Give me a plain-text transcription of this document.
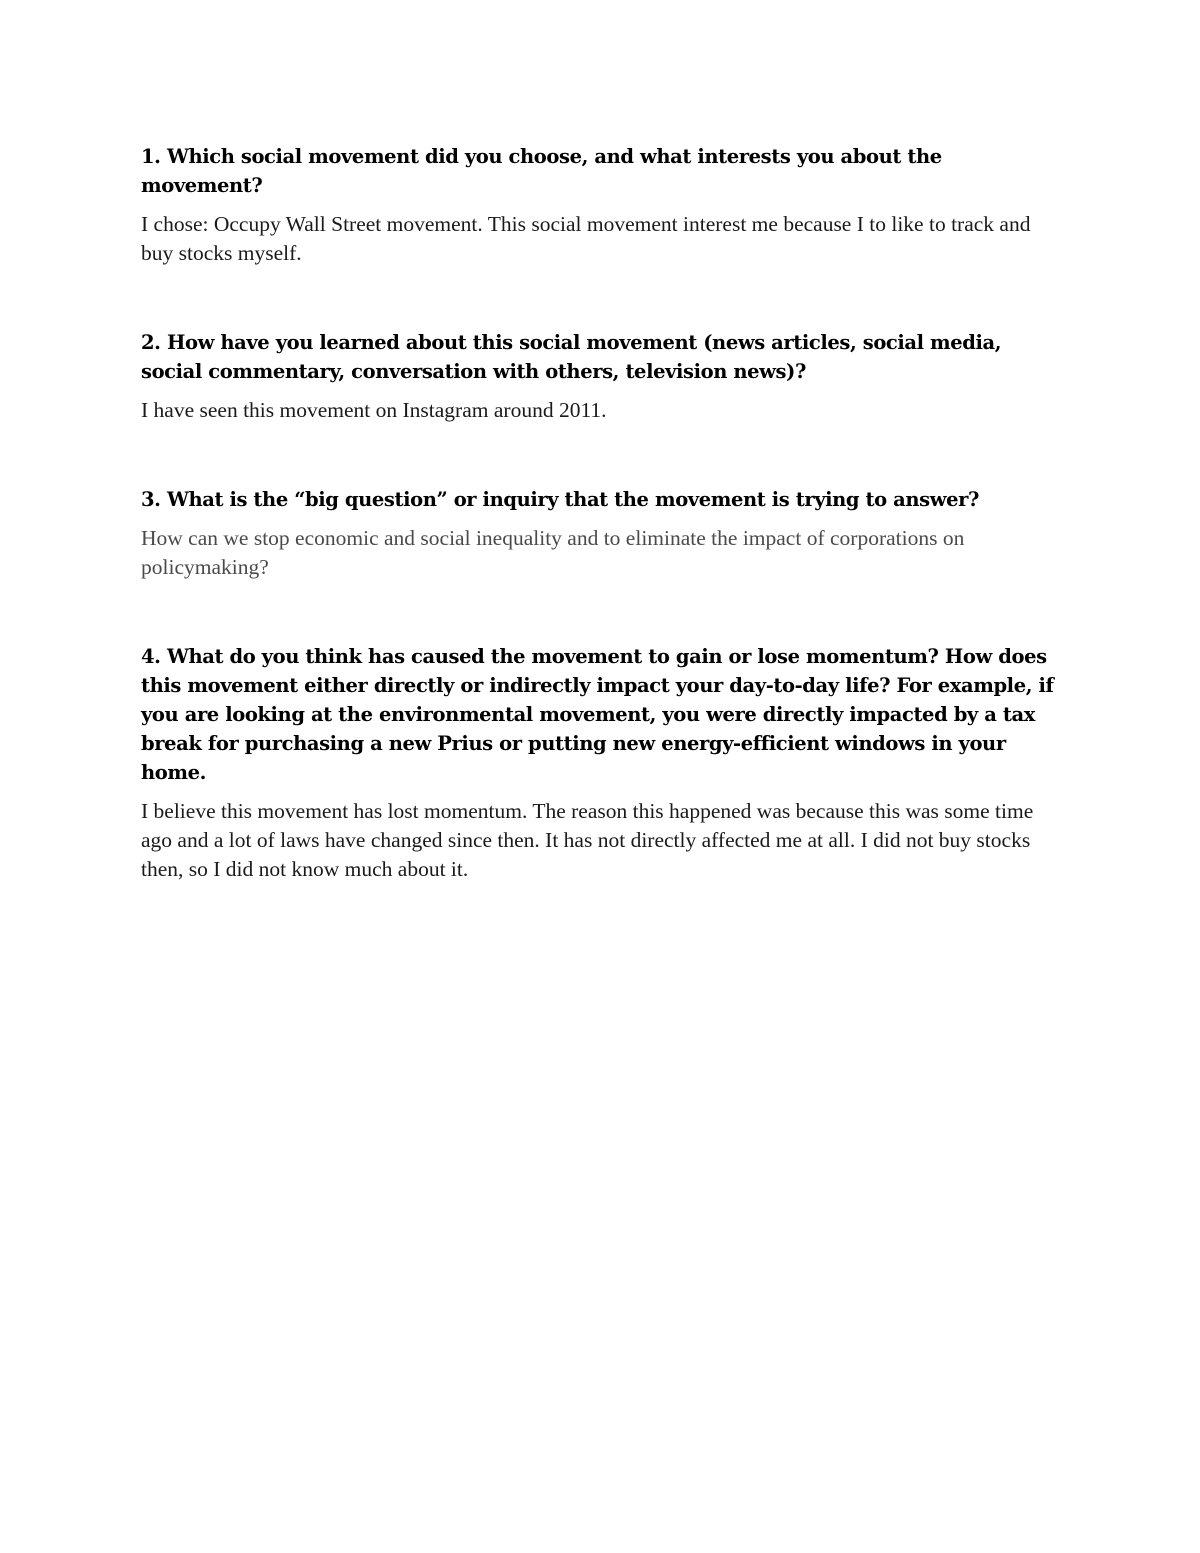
1. Which social movement did you choose, and what interests you about the movement?

I chose: Occupy Wall Street movement. This social movement interest me because I to like to track and buy stocks myself.

2. How have you learned about this social movement (news articles, social media, social commentary, conversation with others, television news)?

I have seen this movement on Instagram around 2011.

3. What is the “big question” or inquiry that the movement is trying to answer?

How can we stop economic and social inequality and to eliminate the impact of corporations on policymaking?

4. What do you think has caused the movement to gain or lose momentum? How does this movement either directly or indirectly impact your day-to-day life? For example, if you are looking at the environmental movement, you were directly impacted by a tax break for purchasing a new Prius or putting new energy-efficient windows in your home.

I believe this movement has lost momentum. The reason this happened was because this was some time ago and a lot of laws have changed since then. It has not directly affected me at all. I did not buy stocks then, so I did not know much about it.
